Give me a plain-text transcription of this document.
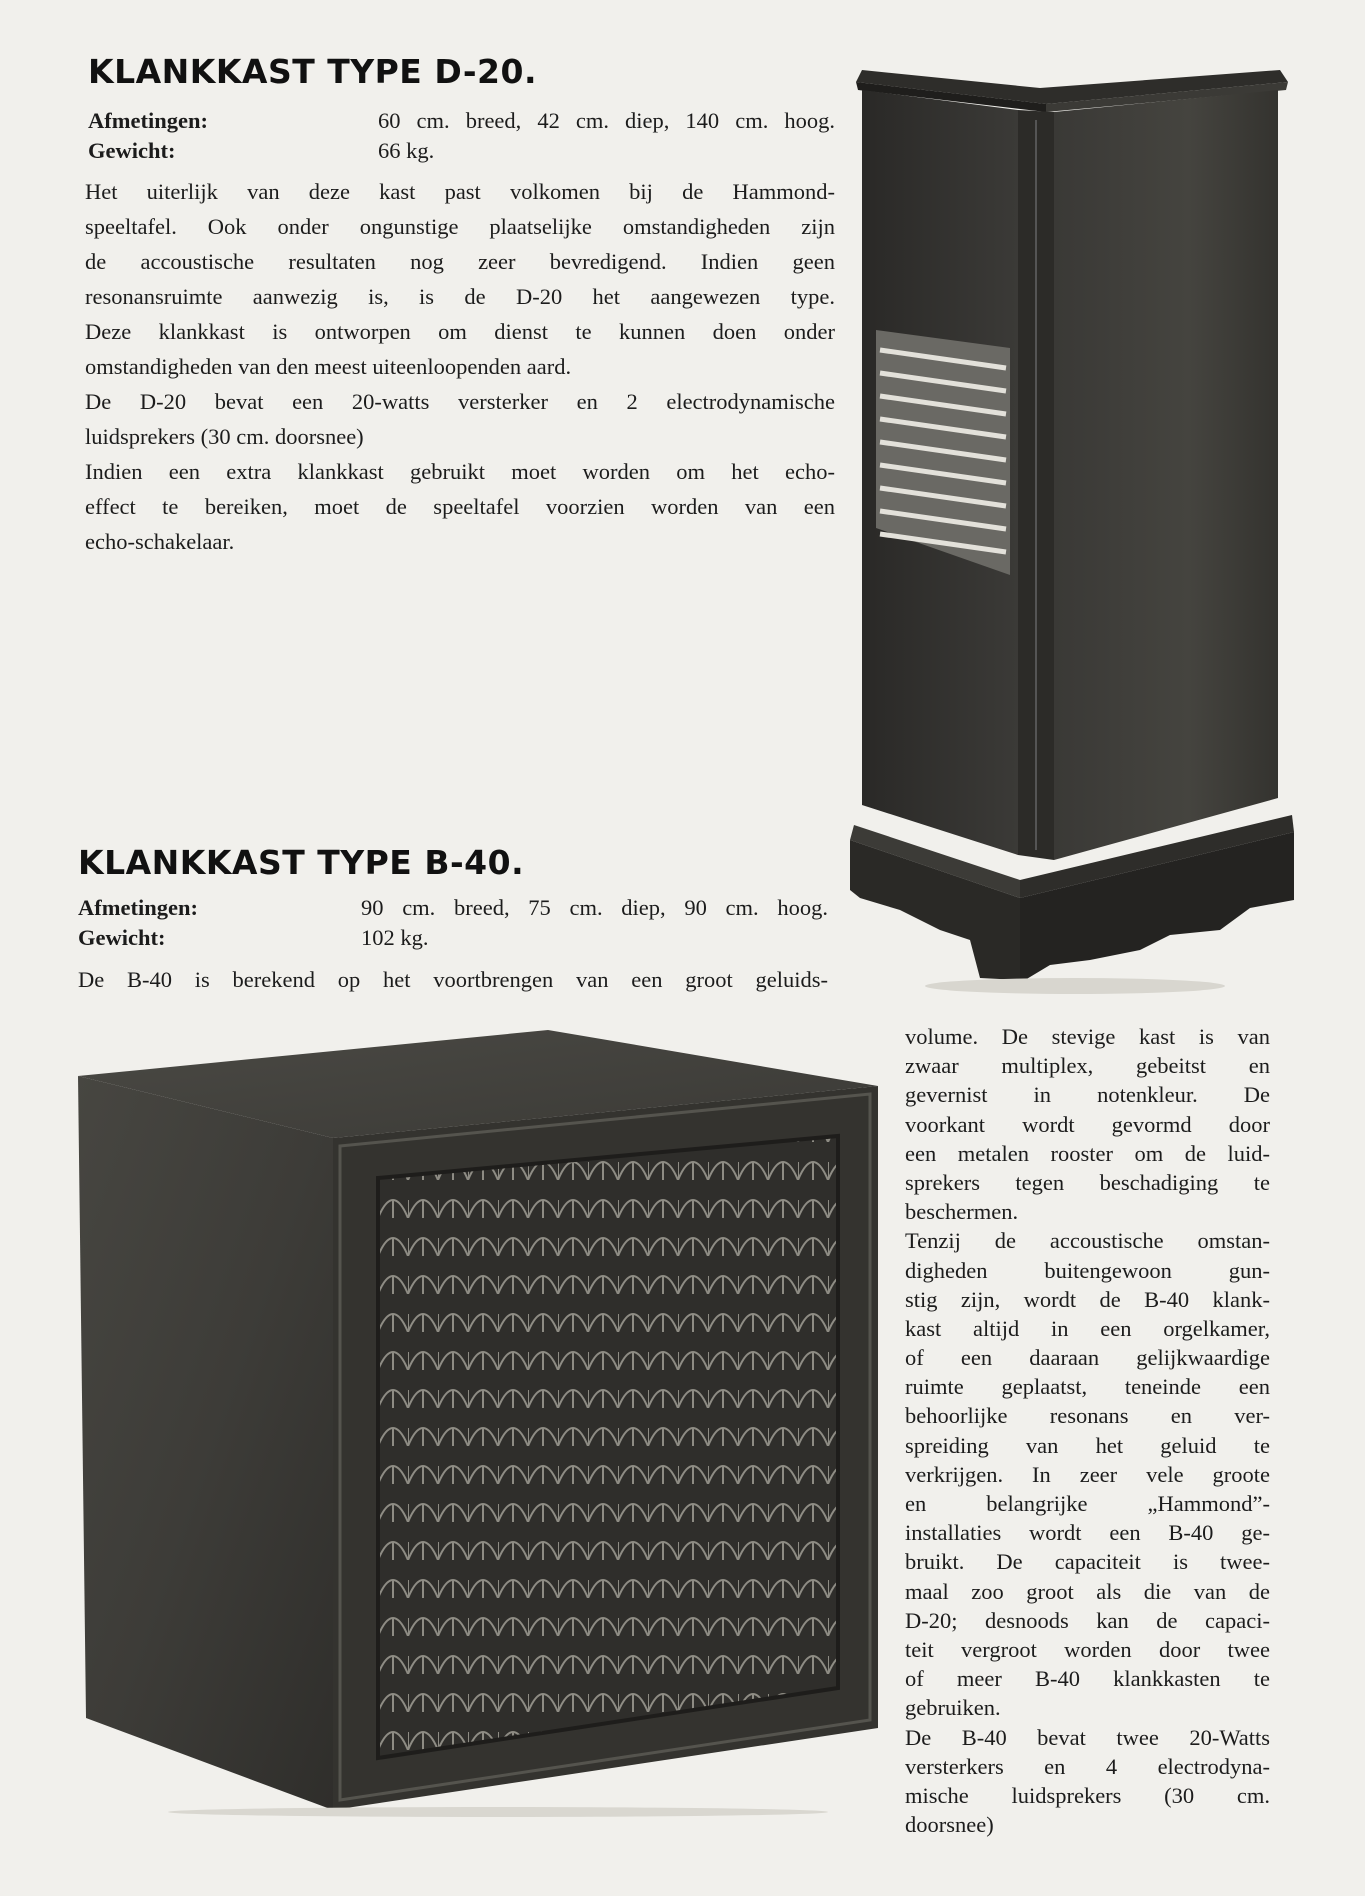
KLANKKAST TYPE D-20.
Afmetingen:	60 cm. breed, 42 cm. diep, 140 cm. hoog.
Gewicht:	66 kg.
Het uiterlijk van deze kast past volkomen bij de Hammond-
speeltafel. Ook onder ongunstige plaatselijke omstandigheden zijn
de accoustische resultaten nog zeer bevredigend. Indien geen
resonansruimte aanwezig is, is de D-20 het aangewezen type.
Deze klankkast is ontworpen om dienst te kunnen doen onder
omstandigheden van den meest uiteenloopenden aard.
De D-20 bevat een 20-watts versterker en 2 electrodynamische
luidsprekers (30 cm. doorsnee)
Indien een extra klankkast gebruikt moet worden om het echo-
effect te bereiken, moet de speeltafel voorzien worden van een
echo-schakelaar.
KLANKKAST TYPE B-40.
Afmetingen:	90 cm. breed, 75 cm. diep, 90 cm. hoog.
Gewicht:	102 kg.
De B-40 is berekend op het voortbrengen van een groot geluids-
volume. De stevige kast is van
zwaar multiplex, gebeitst en
gevernist in notenkleur. De
voorkant wordt gevormd door
een metalen rooster om de luid-
sprekers tegen beschadiging te
beschermen.
Tenzij de accoustische omstan-
digheden buitengewoon gun-
stig zijn, wordt de B-40 klank-
kast altijd in een orgelkamer,
of een daaraan gelijkwaardige
ruimte geplaatst, teneinde een
behoorlijke resonans en ver-
spreiding van het geluid te
verkrijgen. In zeer vele groote
en belangrijke „Hammond”-
installaties wordt een B-40 ge-
bruikt. De capaciteit is twee-
maal zoo groot als die van de
D-20; desnoods kan de capaci-
teit vergroot worden door twee
of meer B-40 klankkasten te
gebruiken.
De B-40 bevat twee 20-Watts
versterkers en 4 electrodyna-
mische luidsprekers (30 cm.
doorsnee)
